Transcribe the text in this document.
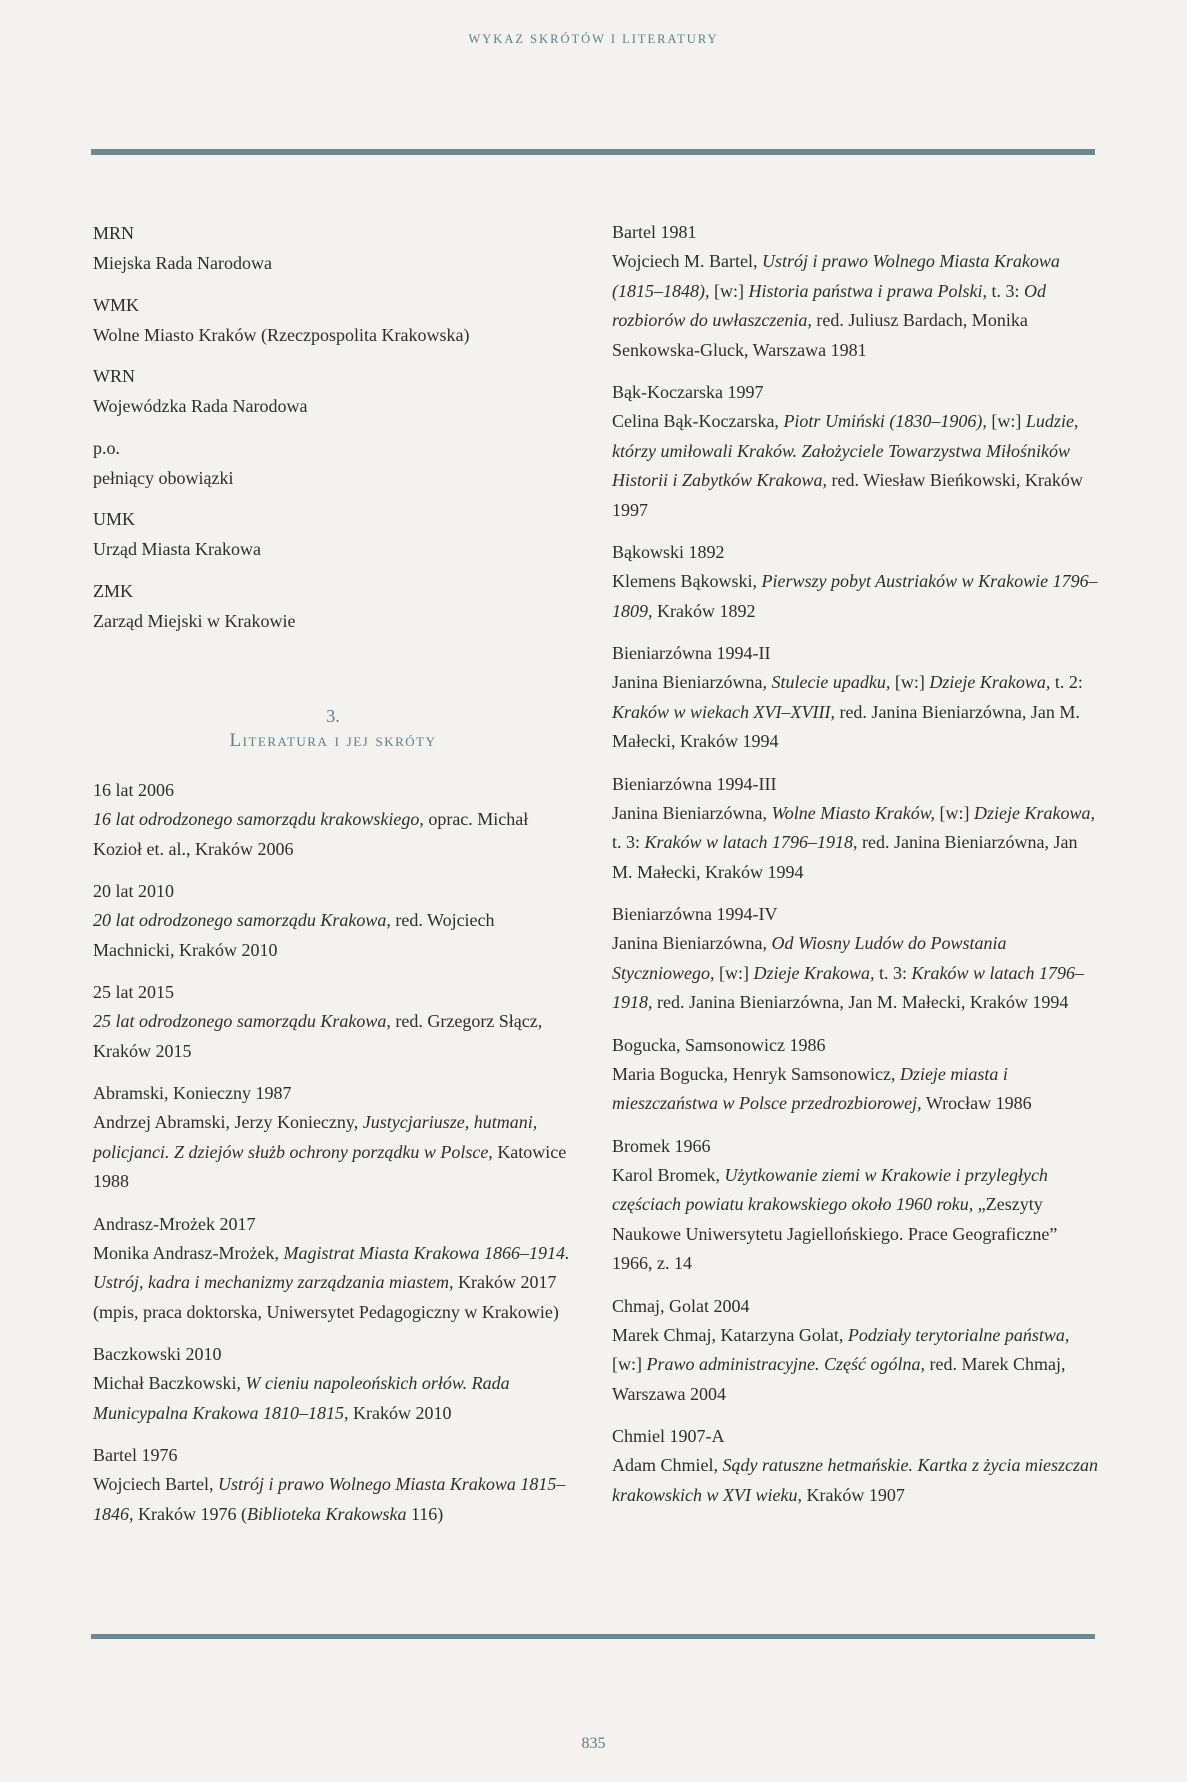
WYKAZ SKRÓTÓW I LITERATURY
MRN
Miejska Rada Narodowa
WMK
Wolne Miasto Kraków (Rzeczpospolita Krakowska)
WRN
Wojewódzka Rada Narodowa
p.o.
pełniący obowiązki
UMK
Urząd Miasta Krakowa
ZMK
Zarząd Miejski w Krakowie
3.
Literatura i jej skróty
16 lat 2006
16 lat odrodzonego samorządu krakowskiego, oprac. Michał Kozioł et. al., Kraków 2006
20 lat 2010
20 lat odrodzonego samorządu Krakowa, red. Wojciech Machnicki, Kraków 2010
25 lat 2015
25 lat odrodzonego samorządu Krakowa, red. Grzegorz Słącz, Kraków 2015
Abramski, Konieczny 1987
Andrzej Abramski, Jerzy Konieczny, Justycjariusze, hutmani, policjanci. Z dziejów służb ochrony porządku w Polsce, Katowice 1988
Andrasz-Mrożek 2017
Monika Andrasz-Mrożek, Magistrat Miasta Krakowa 1866–1914. Ustrój, kadra i mechanizmy zarządzania miastem, Kraków 2017 (mpis, praca doktorska, Uniwersytet Pedagogiczny w Krakowie)
Baczkowski 2010
Michał Baczkowski, W cieniu napoleońskich orłów. Rada Municypalna Krakowa 1810–1815, Kraków 2010
Bartel 1976
Wojciech Bartel, Ustrój i prawo Wolnego Miasta Krakowa 1815–1846, Kraków 1976 (Biblioteka Krakowska 116)
Bartel 1981
Wojciech M. Bartel, Ustrój i prawo Wolnego Miasta Krakowa (1815–1848), [w:] Historia państwa i prawa Polski, t. 3: Od rozbiorów do uwłaszczenia, red. Juliusz Bardach, Monika Senkowska-Gluck, Warszawa 1981
Bąk-Koczarska 1997
Celina Bąk-Koczarska, Piotr Umiński (1830–1906), [w:] Ludzie, którzy umiłowali Kraków. Założyciele Towarzystwa Miłośników Historii i Zabytków Krakowa, red. Wiesław Bieńkowski, Kraków 1997
Bąkowski 1892
Klemens Bąkowski, Pierwszy pobyt Austriaków w Krakowie 1796–1809, Kraków 1892
Bieniarzówna 1994-II
Janina Bieniarzówna, Stulecie upadku, [w:] Dzieje Krakowa, t. 2: Kraków w wiekach XVI–XVIII, red. Janina Bieniarzówna, Jan M. Małecki, Kraków 1994
Bieniarzówna 1994-III
Janina Bieniarzówna, Wolne Miasto Kraków, [w:] Dzieje Krakowa, t. 3: Kraków w latach 1796–1918, red. Janina Bieniarzówna, Jan M. Małecki, Kraków 1994
Bieniarzówna 1994-IV
Janina Bieniarzówna, Od Wiosny Ludów do Powstania Styczniowego, [w:] Dzieje Krakowa, t. 3: Kraków w latach 1796–1918, red. Janina Bieniarzówna, Jan M. Małecki, Kraków 1994
Bogucka, Samsonowicz 1986
Maria Bogucka, Henryk Samsonowicz, Dzieje miasta i mieszczaństwa w Polsce przedrozbiorowej, Wrocław 1986
Bromek 1966
Karol Bromek, Użytkowanie ziemi w Krakowie i przyległych częściach powiatu krakowskiego około 1960 roku, „Zeszyty Naukowe Uniwersytetu Jagiellońskiego. Prace Geograficzne” 1966, z. 14
Chmaj, Golat 2004
Marek Chmaj, Katarzyna Golat, Podziały terytorialne państwa, [w:] Prawo administracyjne. Część ogólna, red. Marek Chmaj, Warszawa 2004
Chmiel 1907-A
Adam Chmiel, Sądy ratuszne hetmańskie. Kartka z życia mieszczan krakowskich w XVI wieku, Kraków 1907
835
